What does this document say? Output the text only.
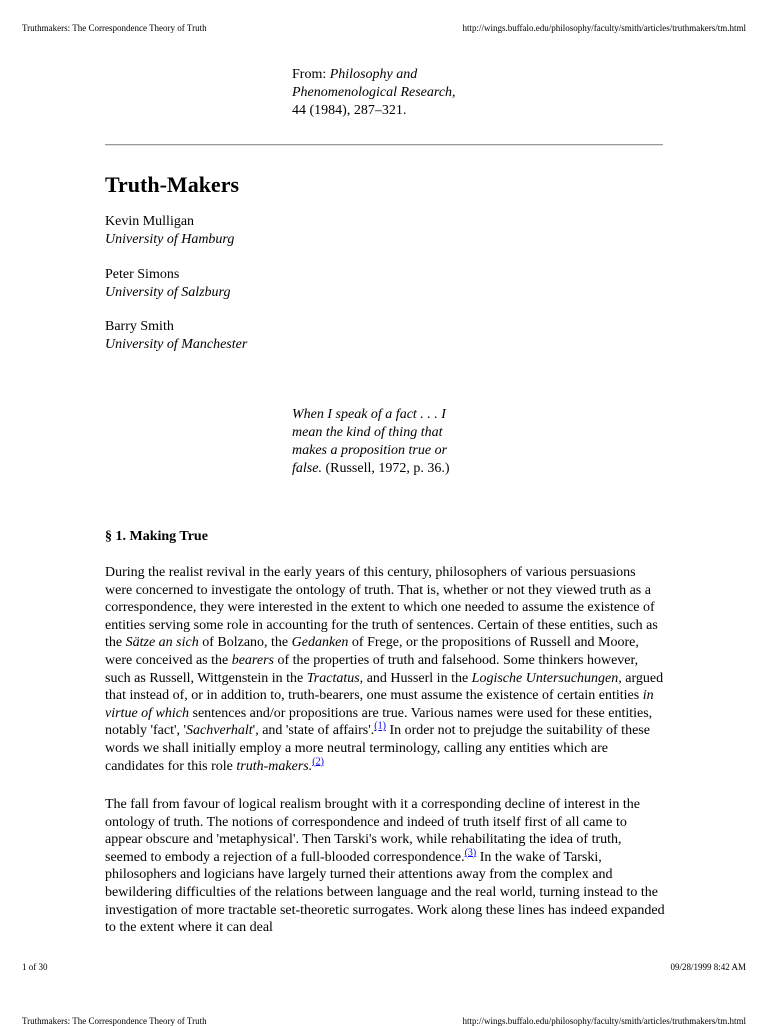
Truthmakers: The Correspondence Theory of Truth	http://wings.buffalo.edu/philosophy/faculty/smith/articles/truthmakers/tm.html
From: Philosophy and
Phenomenological Research,
44 (1984), 287–321.
Truth-Makers
Kevin Mulligan
University of Hamburg
Peter Simons
University of Salzburg
Barry Smith
University of Manchester
When I speak of a fact . . . I mean the kind of thing that makes a proposition true or false. (Russell, 1972, p. 36.)
§ 1. Making True

During the realist revival in the early years of this century, philosophers of various persuasions were concerned to investigate the ontology of truth. That is, whether or not they viewed truth as a correspondence, they were interested in the extent to which one needed to assume the existence of entities serving some role in accounting for the truth of sentences. Certain of these entities, such as the Sätze an sich of Bolzano, the Gedanken of Frege, or the propositions of Russell and Moore, were conceived as the bearers of the properties of truth and falsehood. Some thinkers however, such as Russell, Wittgenstein in the Tractatus, and Husserl in the Logische Untersuchungen, argued that instead of, or in addition to, truth-bearers, one must assume the existence of certain entities in virtue of which sentences and/or propositions are true. Various names were used for these entities, notably 'fact', 'Sachverhalt', and 'state of affairs'.$^{(1)}$ In order not to prejudge the suitability of these words we shall initially employ a more neutral terminology, calling any entities which are candidates for this role truth-makers.$^{(2)}$

The fall from favour of logical realism brought with it a corresponding decline of interest in the ontology of truth. The notions of correspondence and indeed of truth itself first of all came to appear obscure and 'metaphysical'. Then Tarski's work, while rehabilitating the idea of truth, seemed to embody a rejection of a full-blooded correspondence.$^{(3)}$ In the wake of Tarski, philosophers and logicians have largely turned their attentions away from the complex and bewildering difficulties of the relations between language and the real world, turning instead to the investigation of more tractable set-theoretic surrogates. Work along these lines has indeed expanded to the extent where it can deal

1 of 30	09/28/1999 8:42 AM
Truthmakers: The Correspondence Theory of Truth	http://wings.buffalo.edu/philosophy/faculty/smith/articles/truthmakers/tm.html
